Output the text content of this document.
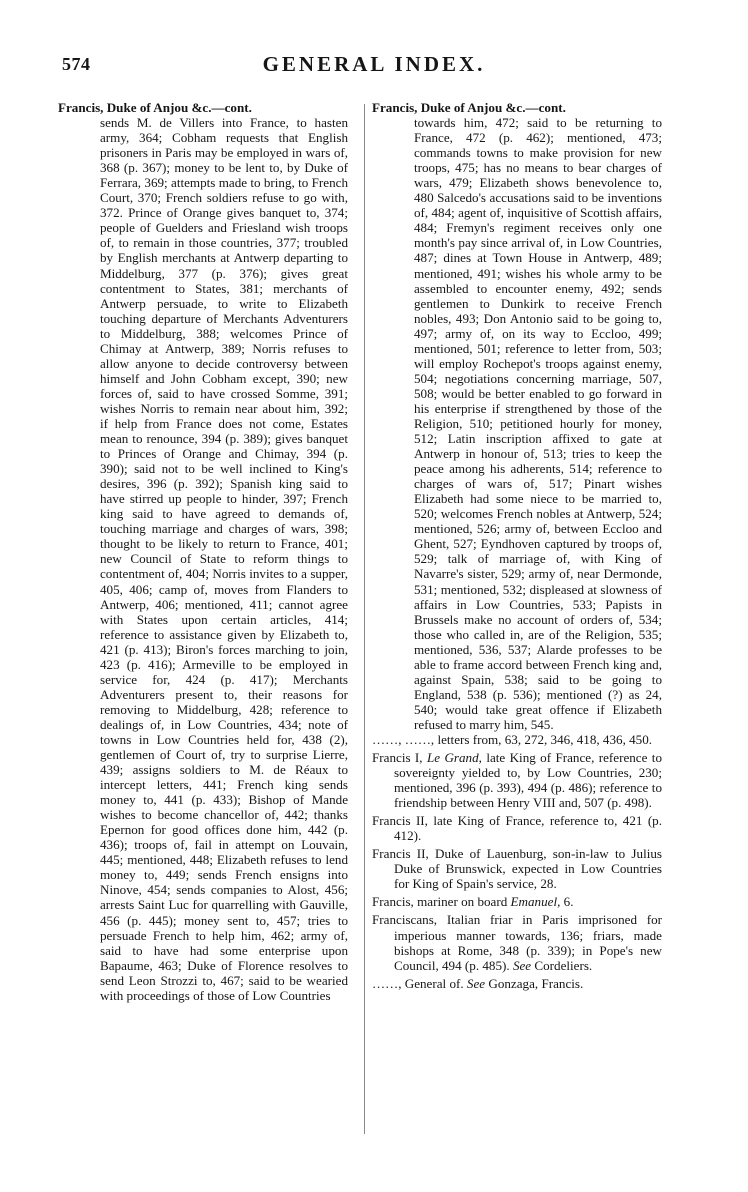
574	GENERAL INDEX.

Francis, Duke of Anjou &c.—cont.

sends M. de Villers into France, to hasten army, 364; Cobham requests that English prisoners in Paris may be employed in wars of, 368 (p. 367); money to be lent to, by Duke of Ferrara, 369; attempts made to bring, to French Court, 370; French soldiers refuse to go with, 372. Prince of Orange gives banquet to, 374; people of Guelders and Friesland wish troops of, to remain in those countries, 377; troubled by English merchants at Antwerp departing to Middelburg, 377 (p. 376); gives great contentment to States, 381; merchants of Antwerp persuade, to write to Elizabeth touching departure of Merchants Adventurers to Middelburg, 388; welcomes Prince of Chimay at Antwerp, 389; Norris refuses to allow anyone to decide controversy between himself and John Cobham except, 390; new forces of, said to have crossed Somme, 391; wishes Norris to remain near about him, 392; if help from France does not come, Estates mean to renounce, 394 (p. 389); gives banquet to Princes of Orange and Chimay, 394 (p. 390); said not to be well inclined to King's desires, 396 (p. 392); Spanish king said to have stirred up people to hinder, 397; French king said to have agreed to demands of, touching marriage and charges of wars, 398; thought to be likely to return to France, 401; new Council of State to reform things to contentment of, 404; Norris invites to a supper, 405, 406; camp of, moves from Flanders to Antwerp, 406; mentioned, 411; cannot agree with States upon certain articles, 414; reference to assistance given by Elizabeth to, 421 (p. 413); Biron's forces marching to join, 423 (p. 416); Armeville to be employed in service for, 424 (p. 417); Merchants Adventurers present to, their reasons for removing to Middelburg, 428; reference to dealings of, in Low Countries, 434; note of towns in Low Countries held for, 438 (2), gentlemen of Court of, try to surprise Lierre, 439; assigns soldiers to M. de Réaux to intercept letters, 441; French king sends money to, 441 (p. 433); Bishop of Mande wishes to become chancellor of, 442; thanks Epernon for good offices done him, 442 (p. 436); troops of, fail in attempt on Louvain, 445; mentioned, 448; Elizabeth refuses to lend money to, 449; sends French ensigns into Ninove, 454; sends companies to Alost, 456; arrests Saint Luc for quarrelling with Gauville, 456 (p. 445); money sent to, 457; tries to persuade French to help him, 462; army of, said to have had some enterprise upon Bapaume, 463; Duke of Florence resolves to send Leon Strozzi to, 467; said to be wearied with proceedings of those of Low Countries

Francis, Duke of Anjou &c.—cont.

towards him, 472; said to be returning to France, 472 (p. 462); mentioned, 473; commands towns to make provision for new troops, 475; has no means to bear charges of wars, 479; Elizabeth shows benevolence to, 480 Salcedo's accusations said to be inventions of, 484; agent of, inquisitive of Scottish affairs, 484; Fremyn's regiment receives only one month's pay since arrival of, in Low Countries, 487; dines at Town House in Antwerp, 489; mentioned, 491; wishes his whole army to be assembled to encounter enemy, 492; sends gentlemen to Dunkirk to receive French nobles, 493; Don Antonio said to be going to, 497; army of, on its way to Eccloo, 499; mentioned, 501; reference to letter from, 503; will employ Rochepot's troops against enemy, 504; negotiations concerning marriage, 507, 508; would be better enabled to go forward in his enterprise if strengthened by those of the Religion, 510; petitioned hourly for money, 512; Latin inscription affixed to gate at Antwerp in honour of, 513; tries to keep the peace among his adherents, 514; reference to charges of wars of, 517; Pinart wishes Elizabeth had some niece to be married to, 520; welcomes French nobles at Antwerp, 524; mentioned, 526; army of, between Eccloo and Ghent, 527; Eyndhoven captured by troops of, 529; talk of marriage of, with King of Navarre's sister, 529; army of, near Dermonde, 531; mentioned, 532; displeased at slowness of affairs in Low Countries, 533; Papists in Brussels make no account of orders of, 534; those who called in, are of the Religion, 535; mentioned, 536, 537; Alarde professes to be able to frame accord between French king and, against Spain, 538; said to be going to England, 538 (p. 536); mentioned (?) as 24, 540; would take great offence if Elizabeth refused to marry him, 545.

……, ……, letters from, 63, 272, 346, 418, 436, 450.

Francis I, Le Grand, late King of France, reference to sovereignty yielded to, by Low Countries, 230; mentioned, 396 (p. 393), 494 (p. 486); reference to friendship between Henry VIII and, 507 (p. 498).

Francis II, late King of France, reference to, 421 (p. 412).

Francis II, Duke of Lauenburg, son-in-law to Julius Duke of Brunswick, expected in Low Countries for King of Spain's service, 28.

Francis, mariner on board Emanuel, 6.

Franciscans, Italian friar in Paris imprisoned for imperious manner towards, 136; friars, made bishops at Rome, 348 (p. 339); in Pope's new Council, 494 (p. 485). See Cordeliers.

……, General of. See Gonzaga, Francis.
